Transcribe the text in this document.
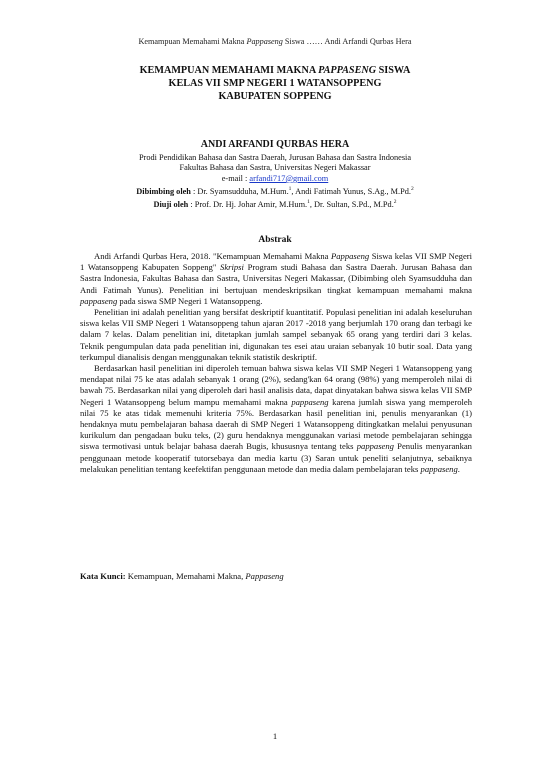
Kemampuan Memahami Makna Pappaseng Siswa …… Andi Arfandi Qurbas Hera
KEMAMPUAN MEMAHAMI MAKNA PAPPASENG SISWA
KELAS VII SMP NEGERI 1 WATANSOPPENG
KABUPATEN SOPPENG
ANDI ARFANDI QURBAS HERA
Prodi Pendidikan Bahasa dan Sastra Daerah, Jurusan Bahasa dan Sastra Indonesia
Fakultas Bahasa dan Sastra, Universitas Negeri Makassar
e-mail : arfandi717@gmail.com
Dibimbing oleh : Dr. Syamsudduha, M.Hum.$^1$, Andi Fatimah Yunus, S.Ag., M.Pd.$^2$
Diuji oleh : Prof. Dr. Hj. Johar Amir, M.Hum.$^1$, Dr. Sultan, S.Pd., M.Pd.$^2$
Abstrak

Andi Arfandi Qurbas Hera, 2018. "Kemampuan Memahami Makna Pappaseng Siswa kelas VII SMP Negeri 1 Watansoppeng Kabupaten Soppeng" Skripsi Program studi Bahasa dan Sastra Daerah. Jurusan Bahasa dan Sastra Indonesia, Fakultas Bahasa dan Sastra, Universitas Negeri Makassar, (Dibimbing oleh Syamsudduha dan Andi Fatimah Yunus). Penelitian ini bertujuan mendeskripsikan tingkat kemampuan memahami makna pappaseng pada siswa SMP Negeri 1 Watansoppeng.

Penelitian ini adalah penelitian yang bersifat deskriptif kuantitatif. Populasi penelitian ini adalah keseluruhan siswa kelas VII SMP Negeri 1 Watansoppeng tahun ajaran 2017 -2018 yang berjumlah 170 orang dan terbagi ke dalam 7 kelas. Dalam penelitian ini, ditetapkan jumlah sampel sebanyak 65 orang yang terdiri dari 3 kelas. Teknik pengumpulan data pada penelitian ini, digunakan tes esei atau uraian sebanyak 10 butir soal. Data yang terkumpul dianalisis dengan menggunakan teknik statistik deskriptif.

Berdasarkan hasil penelitian ini diperoleh temuan bahwa siswa kelas VII SMP Negeri 1 Watansoppeng yang mendapat nilai 75 ke atas adalah sebanyak 1 orang (2%), sedang'kan 64 orang (98%) yang memperoleh nilai di bawah 75. Berdasarkan nilai yang diperoleh dari hasil analisis data, dapat dinyatakan bahwa siswa kelas VII SMP Negeri 1 Watansoppeng belum mampu memahami makna pappaseng karena jumlah siswa yang memperoleh nilai 75 ke atas tidak memenuhi kriteria 75%. Berdasarkan hasil penelitian ini, penulis menyarankan (1) hendaknya mutu pembelajaran bahasa daerah di SMP Negeri 1 Watansoppeng ditingkatkan melalui penyusunan kurikulum dan pengadaan buku teks, (2) guru hendaknya menggunakan variasi metode pembelajaran sehingga siswa termotivasi untuk belajar bahasa daerah Bugis, khususnya tentang teks pappaseng Penulis menyarankan penggunaan metode kooperatif tutorsebaya dan media kartu (3) Saran untuk peneliti selanjutnya, sebaiknya melakukan penelitian tentang keefektifan penggunaan metode dan media dalam pembelajaran teks pappaseng.

Kata Kunci: Kemampuan, Memahami Makna, Pappaseng
1
